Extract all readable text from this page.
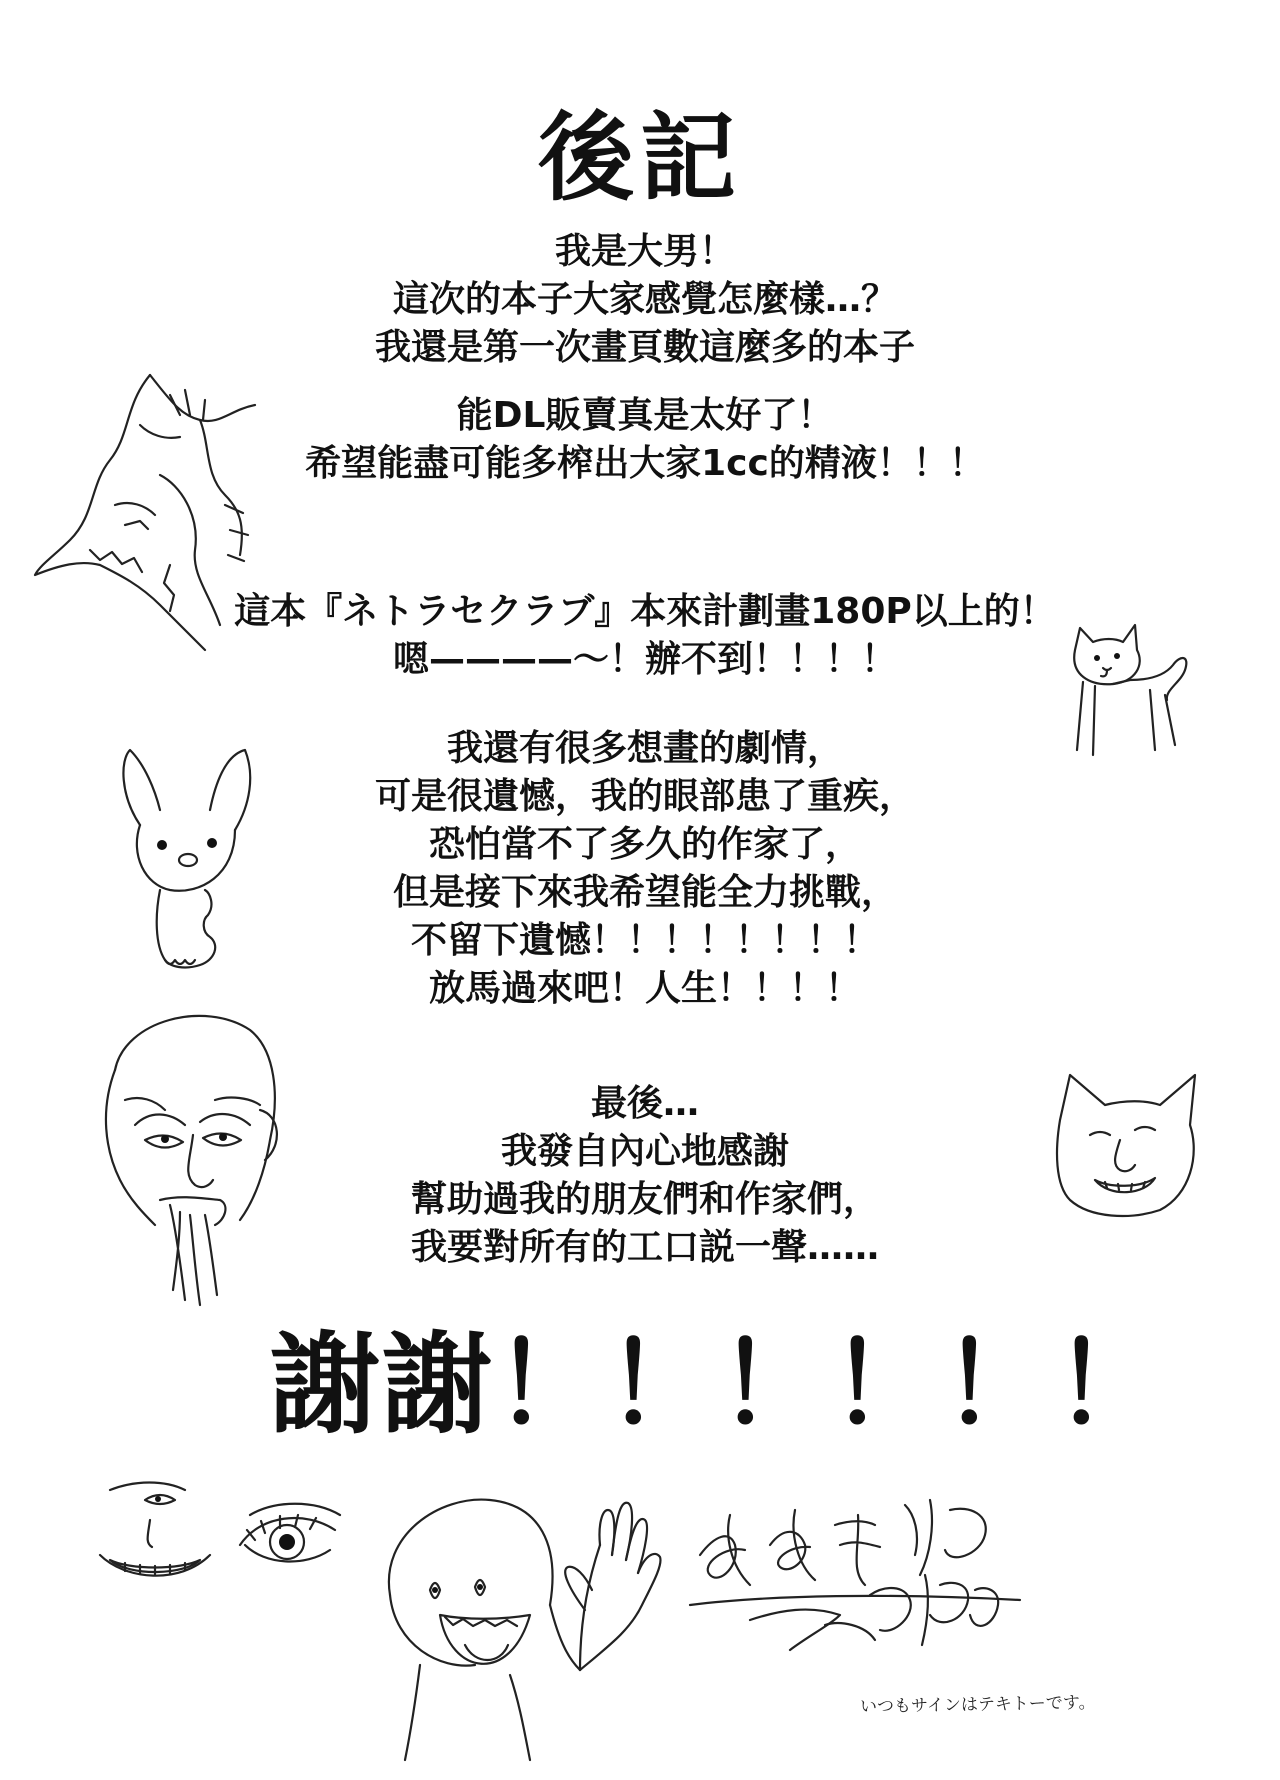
後記
我是大男！
這次的本子大家感覺怎麼樣…？
我還是第一次畫頁數這麼多的本子
能DL販賣真是太好了！
希望能盡可能多榨出大家1cc的精液！！！
這本『ネトラセクラブ』本來計劃畫180P以上的！
嗯————～！辦不到！！！！
我還有很多想畫的劇情，
可是很遺憾，我的眼部患了重疾，
恐怕當不了多久的作家了，
但是接下來我希望能全力挑戰，
不留下遺憾！！！！！！！！
放馬過來吧！人生！！！！
最後…
我發自內心地感謝
幫助過我的朋友們和作家們，
我要對所有的工口説一聲……
謝謝！！！！！！
いつもサインはテキトーです。
